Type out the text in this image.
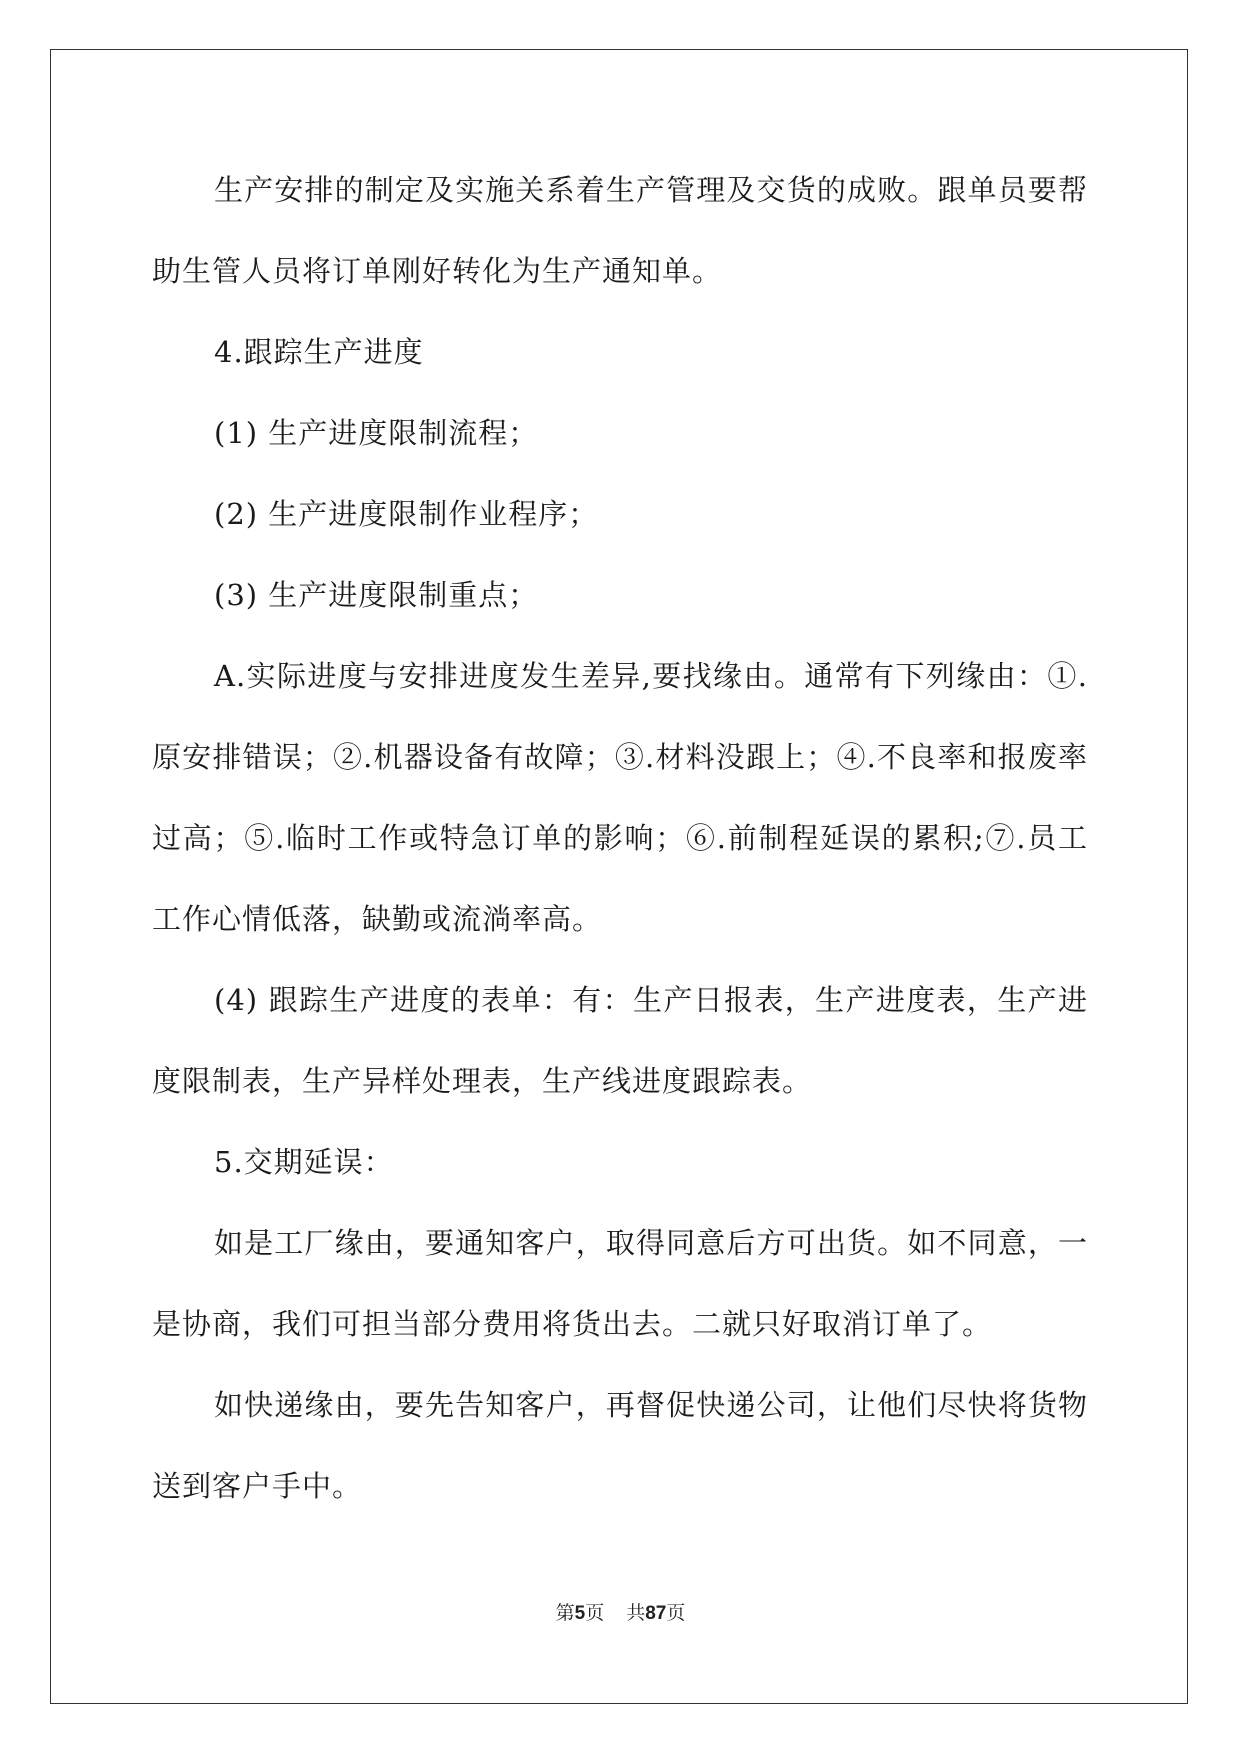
生产安排的制定及实施关系着生产管理及交货的成败。跟单员要帮助生管人员将订单刚好转化为生产通知单。

4.跟踪生产进度

(1) 生产进度限制流程；

(2) 生产进度限制作业程序；

(3) 生产进度限制重点；

A.实际进度与安排进度发生差异,要找缘由。通常有下列缘由：①.原安排错误；②.机器设备有故障；③.材料没跟上；④.不良率和报废率过高；⑤.临时工作或特急订单的影响；⑥.前制程延误的累积;⑦.员工工作心情低落，缺勤或流淌率高。

(4) 跟踪生产进度的表单：有：生产日报表，生产进度表，生产进度限制表，生产异样处理表，生产线进度跟踪表。

5.交期延误：

如是工厂缘由，要通知客户，取得同意后方可出货。如不同意，一是协商，我们可担当部分费用将货出去。二就只好取消订单了。

如快递缘由，要先告知客户，再督促快递公司，让他们尽快将货物送到客户手中。

第5页 共87页
